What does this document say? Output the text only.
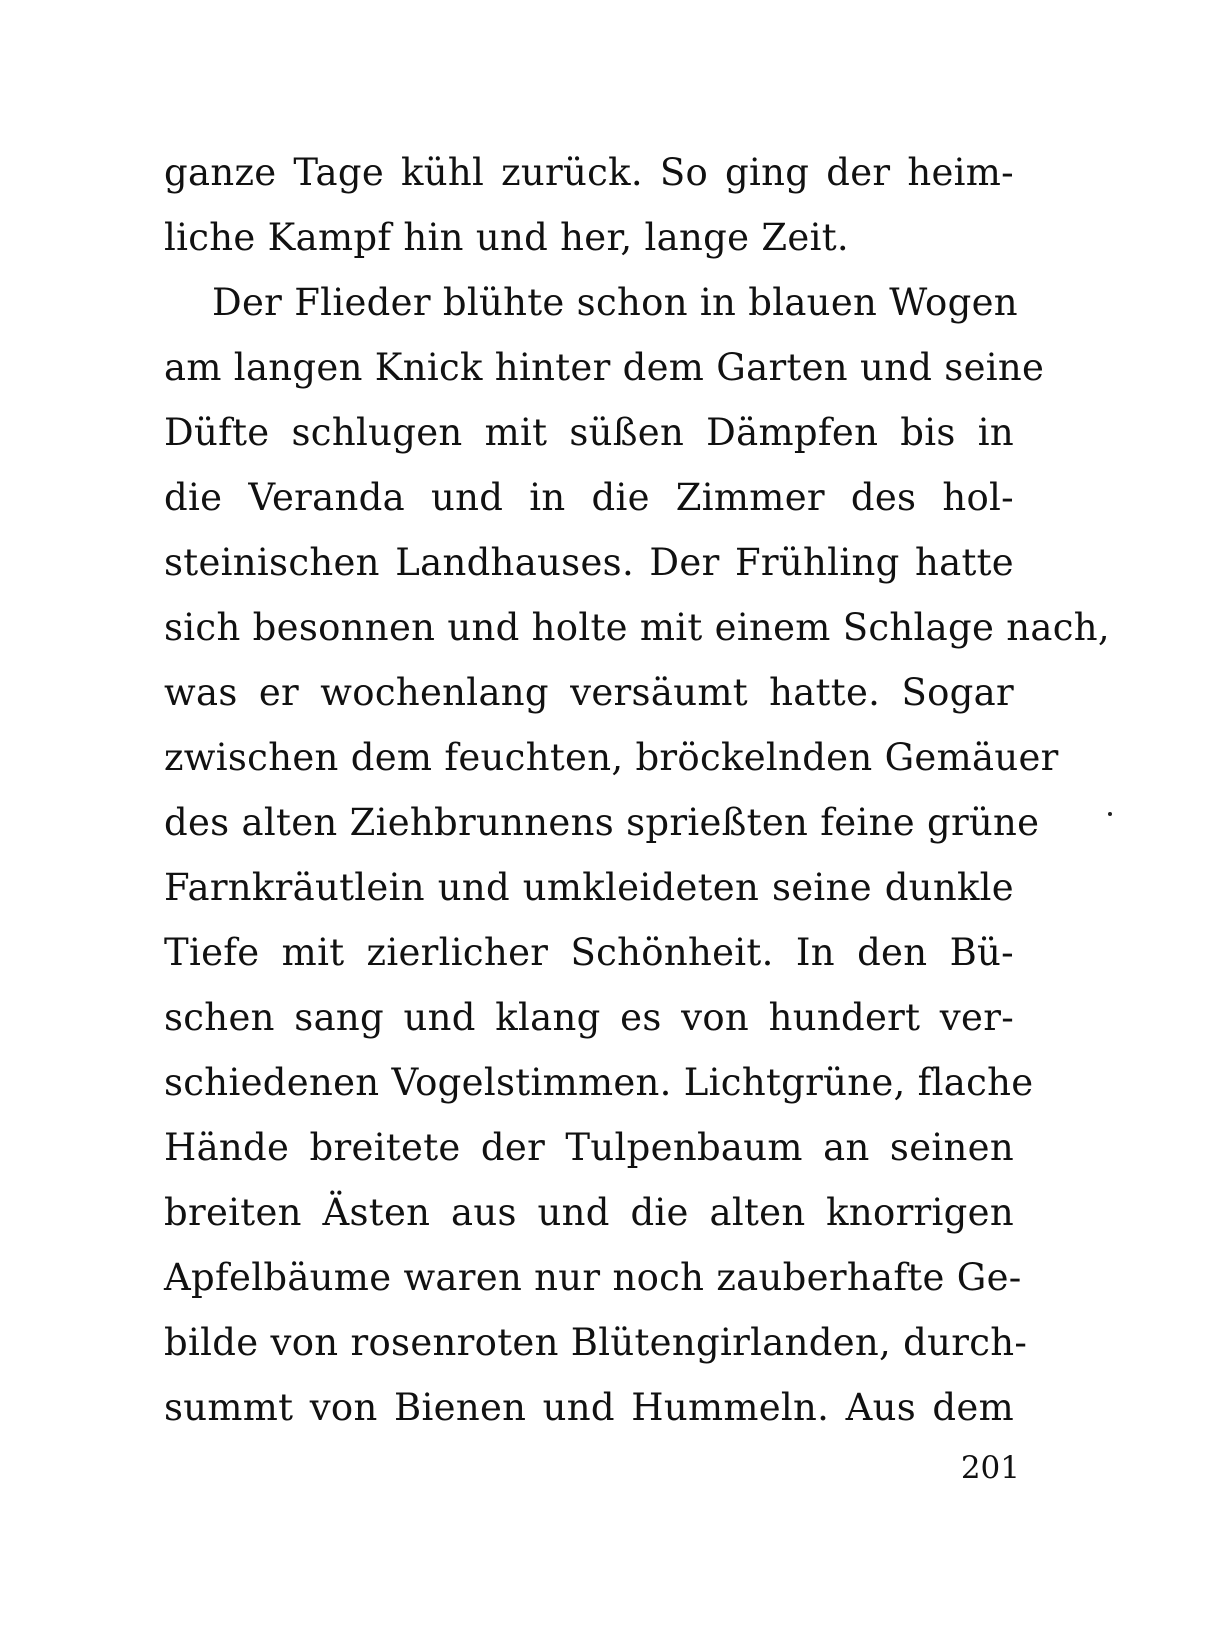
ganze Tage kühl zurück. So ging der heim-
liche Kampf hin und her, lange Zeit.
Der Flieder blühte schon in blauen Wogen
am langen Knick hinter dem Garten und seine
Düfte schlugen mit süßen Dämpfen bis in
die Veranda und in die Zimmer des hol-
steinischen Landhauses. Der Frühling hatte
sich besonnen und holte mit einem Schlage nach,
was er wochenlang versäumt hatte. Sogar
zwischen dem feuchten, bröckelnden Gemäuer
des alten Ziehbrunnens sprießten feine grüne
Farnkräutlein und umkleideten seine dunkle
Tiefe mit zierlicher Schönheit. In den Bü-
schen sang und klang es von hundert ver-
schiedenen Vogelstimmen. Lichtgrüne, flache
Hände breitete der Tulpenbaum an seinen
breiten Ästen aus und die alten knorrigen
Apfelbäume waren nur noch zauberhafte Ge-
bilde von rosenroten Blütengirlanden, durch-
summt von Bienen und Hummeln. Aus dem
201
